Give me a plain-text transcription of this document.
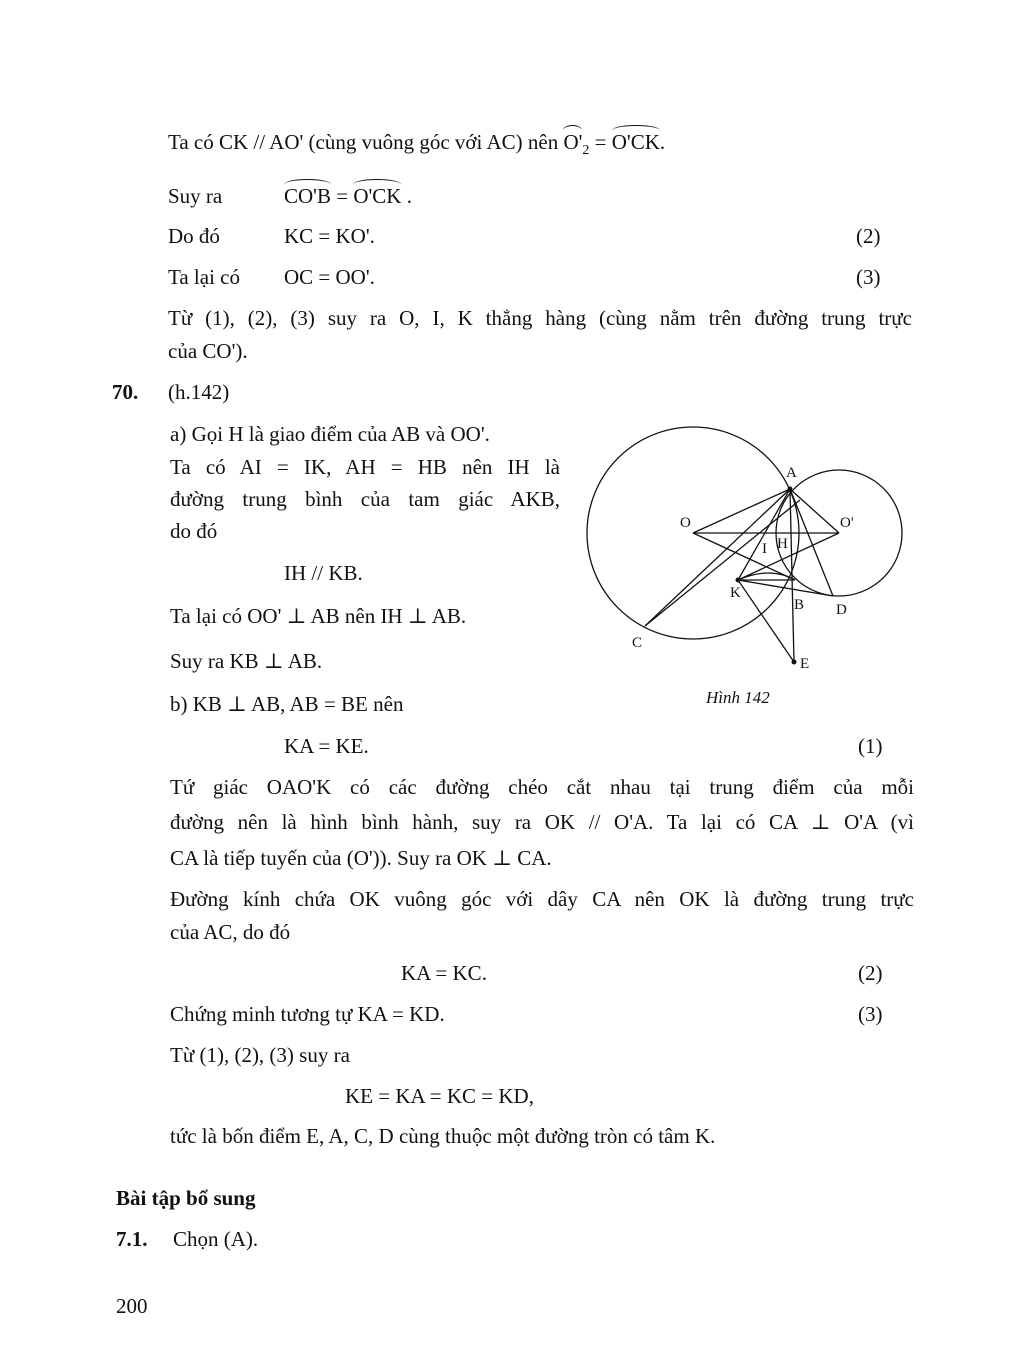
Ta có CK // AO' (cùng vuông góc với AC) nên $O'_2 = O'CK$.
Suy ra	CO'B = O'CK .
Do đó	KC = KO'.	(2)
Ta lại có OC = OO'.	(3)
Từ (1), (2), (3) suy ra O, I, K thẳng hàng (cùng nằm trên đường trung trực
của CO').
70. (h.142)
a) Gọi H là giao điểm của AB và OO'.
Ta có AI = IK, AH = HB nên IH là
đường trung bình của tam giác AKB,
do đó
IH // KB.
Ta lại có OO' ⊥ AB nên IH ⊥ AB.
Suy ra KB ⊥ AB.
b) KB ⊥ AB, AB = BE nên
KA = KE.	(1)
Tứ giác OAO'K có các đường chéo cắt nhau tại trung điểm của mỗi
đường nên là hình bình hành, suy ra OK // O'A. Ta lại có CA ⊥ O'A (vì
CA là tiếp tuyến của (O')). Suy ra OK ⊥ CA.
Đường kính chứa OK vuông góc với dây CA nên OK là đường trung trực
của AC, do đó
KA = KC.	(2)
Chứng minh tương tự KA = KD.	(3)
Từ (1), (2), (3) suy ra
KE = KA = KC = KD,
tức là bốn điểm E, A, C, D cùng thuộc một đường tròn có tâm K.
Bài tập bổ sung
7.1. Chọn (A).
200
A
O	O'
I H
K
B D
C
E
Hình 142
